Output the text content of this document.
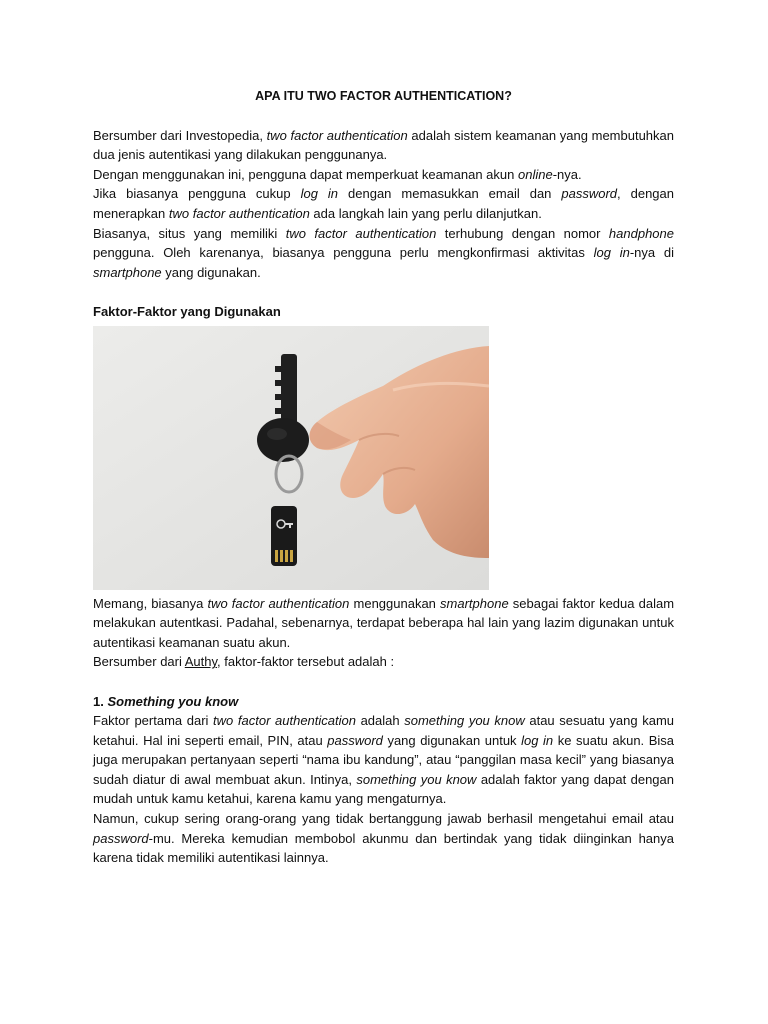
APA ITU TWO FACTOR AUTHENTICATION?

Bersumber dari Investopedia, two factor authentication adalah sistem keamanan yang membutuhkan dua jenis autentikasi yang dilakukan penggunanya.

Dengan menggunakan ini, pengguna dapat memperkuat keamanan akun online-nya.

Jika biasanya pengguna cukup log in dengan memasukkan email dan password, dengan menerapkan two factor authentication ada langkah lain yang perlu dilanjutkan.

Biasanya, situs yang memiliki two factor authentication terhubung dengan nomor handphone pengguna. Oleh karenanya, biasanya pengguna perlu mengkonfirmasi aktivitas log in-nya di smartphone yang digunakan.

Faktor-Faktor yang Digunakan

Memang, biasanya two factor authentication menggunakan smartphone sebagai faktor kedua dalam melakukan autentkasi. Padahal, sebenarnya, terdapat beberapa hal lain yang lazim digunakan untuk autentikasi keamanan suatu akun.

Bersumber dari Authy, faktor-faktor tersebut adalah :

1. Something you know

Faktor pertama dari two factor authentication adalah something you know atau sesuatu yang kamu ketahui. Hal ini seperti email, PIN, atau password yang digunakan untuk log in ke suatu akun. Bisa juga merupakan pertanyaan seperti “nama ibu kandung”, atau “panggilan masa kecil” yang biasanya sudah diatur di awal membuat akun. Intinya, something you know adalah faktor yang dapat dengan mudah untuk kamu ketahui, karena kamu yang mengaturnya.

Namun, cukup sering orang-orang yang tidak bertanggung jawab berhasil mengetahui email atau password-mu. Mereka kemudian membobol akunmu dan bertindak yang tidak diinginkan hanya karena tidak memiliki autentikasi lainnya.
